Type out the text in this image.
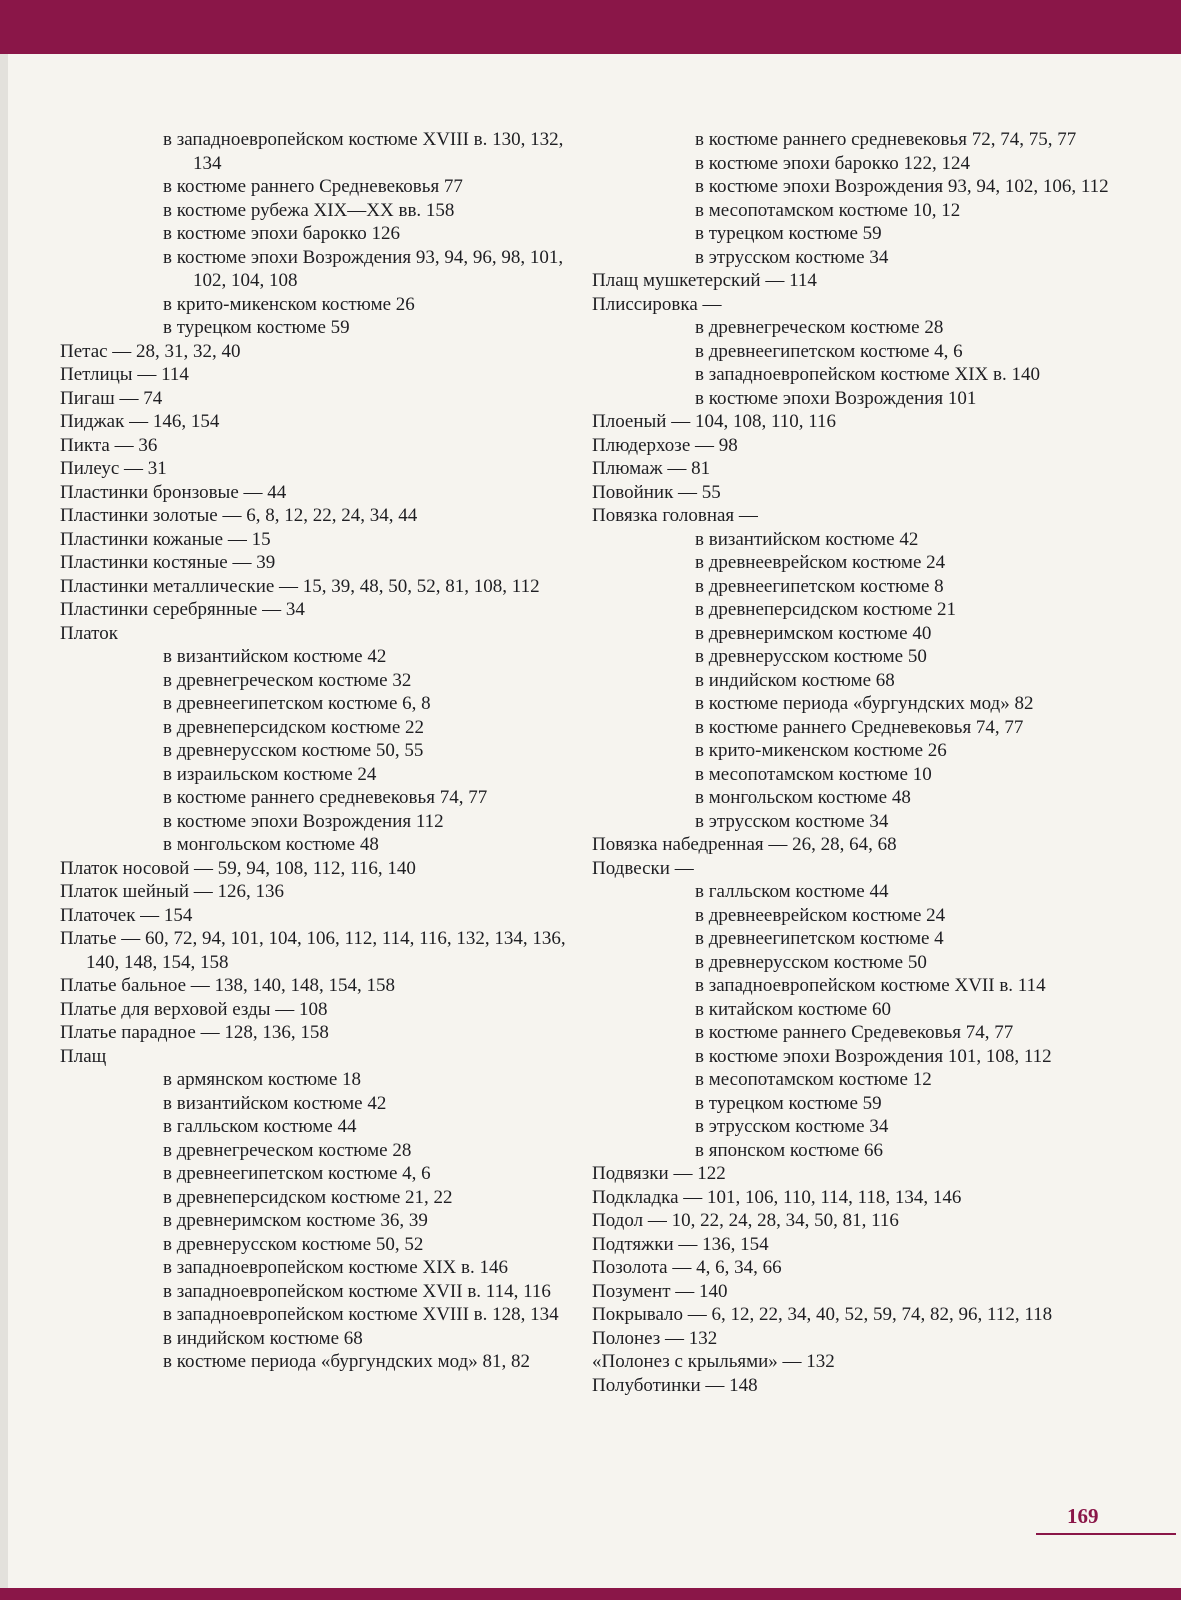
в западноевропейском костюме XVIII в. 130, 132, 134
в костюме раннего Средневековья 77
в костюме рубежа XIX—XX вв. 158
в костюме эпохи барокко 126
в костюме эпохи Возрождения 93, 94, 96, 98, 101, 102, 104, 108
в крито-микенском костюме 26
в турецком костюме 59
Петас — 28, 31, 32, 40
Петлицы — 114
Пигаш — 74
Пиджак — 146, 154
Пикта — 36
Пилеус — 31
Пластинки бронзовые — 44
Пластинки золотые — 6, 8, 12, 22, 24, 34, 44
Пластинки кожаные — 15
Пластинки костяные — 39
Пластинки металлические — 15, 39, 48, 50, 52, 81, 108, 112
Пластинки серебрянные — 34
Платок
в византийском костюме 42
в древнегреческом костюме 32
в древнеегипетском костюме 6, 8
в древнеперсидском костюме 22
в древнерусском костюме 50, 55
в израильском костюме 24
в костюме раннего средневековья 74, 77
в костюме эпохи Возрождения 112
в монгольском костюме 48
Платок носовой — 59, 94, 108, 112, 116, 140
Платок шейный — 126, 136
Платочек — 154
Платье — 60, 72, 94, 101, 104, 106, 112, 114, 116, 132, 134, 136, 140, 148, 154, 158
Платье бальное — 138, 140, 148, 154, 158
Платье для верховой езды — 108
Платье парадное — 128, 136, 158
Плащ
в армянском костюме 18
в византийском костюме 42
в галльском костюме 44
в древнегреческом костюме 28
в древнеегипетском костюме 4, 6
в древнеперсидском костюме 21, 22
в древнеримском костюме 36, 39
в древнерусском костюме 50, 52
в западноевропейском костюме XIX в. 146
в западноевропейском костюме XVII в. 114, 116
в западноевропейском костюме XVIII в. 128, 134
в индийском костюме 68
в костюме периода «бургундских мод» 81, 82
в костюме раннего средневековья 72, 74, 75, 77
в костюме эпохи барокко 122, 124
в костюме эпохи Возрождения 93, 94, 102, 106, 112
в месопотамском костюме 10, 12
в турецком костюме 59
в этрусском костюме 34
Плащ мушкетерский — 114
Плиссировка —
в древнегреческом костюме 28
в древнеегипетском костюме 4, 6
в западноевропейском костюме XIX в. 140
в костюме эпохи Возрождения 101
Плоеный — 104, 108, 110, 116
Плюдерхозе — 98
Плюмаж — 81
Повойник — 55
Повязка головная —
в византийском костюме 42
в древнееврейском костюме 24
в древнеегипетском костюме 8
в древнеперсидском костюме 21
в древнеримском костюме 40
в древнерусском костюме 50
в индийском костюме 68
в костюме периода «бургундских мод» 82
в костюме раннего Средневековья 74, 77
в крито-микенском костюме 26
в месопотамском костюме 10
в монгольском костюме 48
в этрусском костюме 34
Повязка набедренная — 26, 28, 64, 68
Подвески —
в галльском костюме 44
в древнееврейском костюме 24
в древнеегипетском костюме 4
в древнерусском костюме 50
в западноевропейском костюме XVII в. 114
в китайском костюме 60
в костюме раннего Средевековья 74, 77
в костюме эпохи Возрождения 101, 108, 112
в месопотамском костюме 12
в турецком костюме 59
в этрусском костюме 34
в японском костюме 66
Подвязки — 122
Подкладка — 101, 106, 110, 114, 118, 134, 146
Подол — 10, 22, 24, 28, 34, 50, 81, 116
Подтяжки — 136, 154
Позолота — 4, 6, 34, 66
Позумент — 140
Покрывало — 6, 12, 22, 34, 40, 52, 59, 74, 82, 96, 112, 118
Полонез — 132
«Полонез с крыльями» — 132
Полуботинки — 148
169
